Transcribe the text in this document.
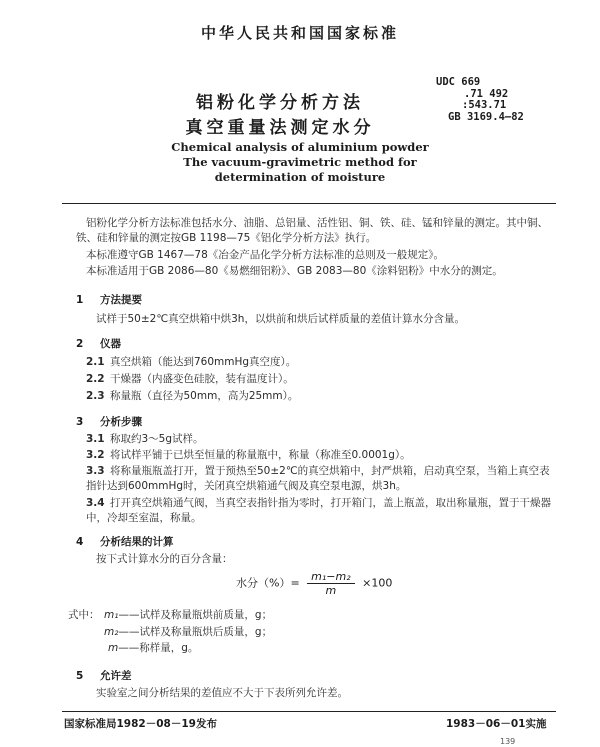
中华人民共和国国家标准
铝粉化学分析方法
真空重量法测定水分
UDC 669
.71 492
:543.71
GB 3169.4—82
Chemical analysis of aluminium powder
The vacuum-gravimetric method for
determination of moisture
铝粉化学分析方法标准包括水分、油脂、总铝量、活性铝、铜、铁、硅、锰和锌量的测定。其中铜、铁、硅和锌量的测定按GB 1198—75《铝化学分析方法》执行。
本标准遵守GB 1467—78《冶金产品化学分析方法标准的总则及一般规定》。
本标准适用于GB 2086—80《易燃细铝粉》、GB 2083—80《涂料铝粉》中水分的测定。
1 方法提要
试样于50±2℃真空烘箱中烘3h，以烘前和烘后试样质量的差值计算水分含量。
2 仪器
2.1 真空烘箱（能达到760mmHg真空度）。
2.2 干燥器（内盛变色硅胶，装有温度计）。
2.3 称量瓶（直径为50mm，高为25mm）。
3 分析步骤
3.1 称取约3～5g试样。
3.2 将试样平铺于已烘至恒量的称量瓶中，称量（称准至0.0001g）。
3.3 将称量瓶瓶盖打开，置于预热至50±2℃的真空烘箱中，封严烘箱，启动真空泵，当箱上真空表指针达到600mmHg时，关闭真空烘箱通气阀及真空泵电源，烘3h。
3.4 打开真空烘箱通气阀，当真空表指针指为零时，打开箱门，盖上瓶盖，取出称量瓶，置于干燥器中，冷却至室温，称量。
4 分析结果的计算
按下式计算水分的百分含量：
水分（%）= $\frac{\text{m₁−m₂}}{m} \times 100$
式中： m₁——试样及称量瓶烘前质量，g；
m₂——试样及称量瓶烘后质量，g；
m——称样量，g。
5 允许差
实验室之间分析结果的差值应不大于下表所列允许差。
国家标准局1982－08－19发布	1983－06－01实施
139
